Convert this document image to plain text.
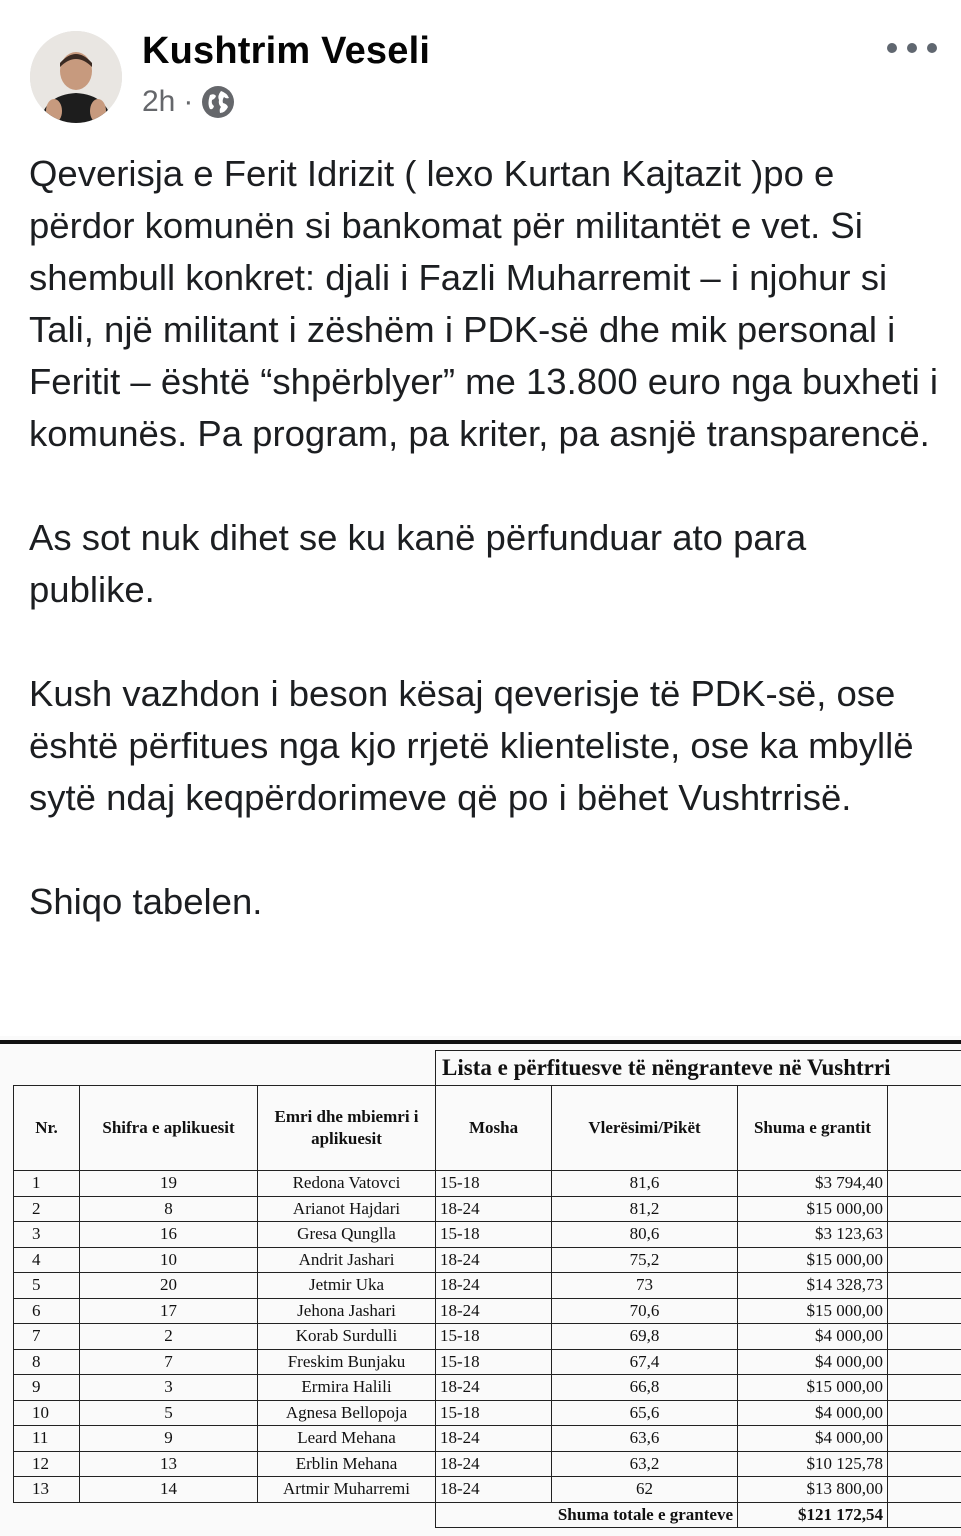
Kushtrim Veseli
2h ·

Qeverisja e Ferit Idrizit ( lexo Kurtan Kajtazit )po e përdor komunën si bankomat për militantët e vet. Si shembull konkret: djali i Fazli Muharremit – i njohur si Tali, një militant i zëshëm i PDK-së dhe mik personal i Feritit – është “shpërblyer” me 13.800 euro nga buxheti i komunës. Pa program, pa kriter, pa asnjë transparencë.

As sot nuk dihet se ku kanë përfunduar ato para publike.

Kush vazhdon i beson kësaj qeverisje të PDK-së, ose është përfitues nga kjo rrjetë klienteliste, ose ka mbyllë sytë ndaj keqpërdorimeve që po i bëhet Vushtrrisë.

Shiqo tabelen.

			Lista e përfituesve të nëngranteve në Vushtrri			
Nr.	Shifra e aplikuesit	Emri dhe mbiemri i aplikuesit	Mosha	Vlerësimi/Pikët	Shuma e grantit	
1	19	Redona Vatovci	15-18	81,6	$3 794,40	
2	8	Arianot Hajdari	18-24	81,2	$15 000,00	
3	16	Gresa Qunglla	15-18	80,6	$3 123,63	
4	10	Andrit Jashari	18-24	75,2	$15 000,00	
5	20	Jetmir Uka	18-24	73	$14 328,73	
6	17	Jehona Jashari	18-24	70,6	$15 000,00	
7	2	Korab Surdulli	15-18	69,8	$4 000,00	
8	7	Freskim Bunjaku	15-18	67,4	$4 000,00	
9	3	Ermira Halili	18-24	66,8	$15 000,00	
10	5	Agnesa Bellopoja	15-18	65,6	$4 000,00	
11	9	Leard Mehana	18-24	63,6	$4 000,00	
12	13	Erblin Mehana	18-24	63,2	$10 125,78	
13	14	Artmir Muharremi	18-24	62	$13 800,00	
			Shuma totale e granteve		$121 172,54	
